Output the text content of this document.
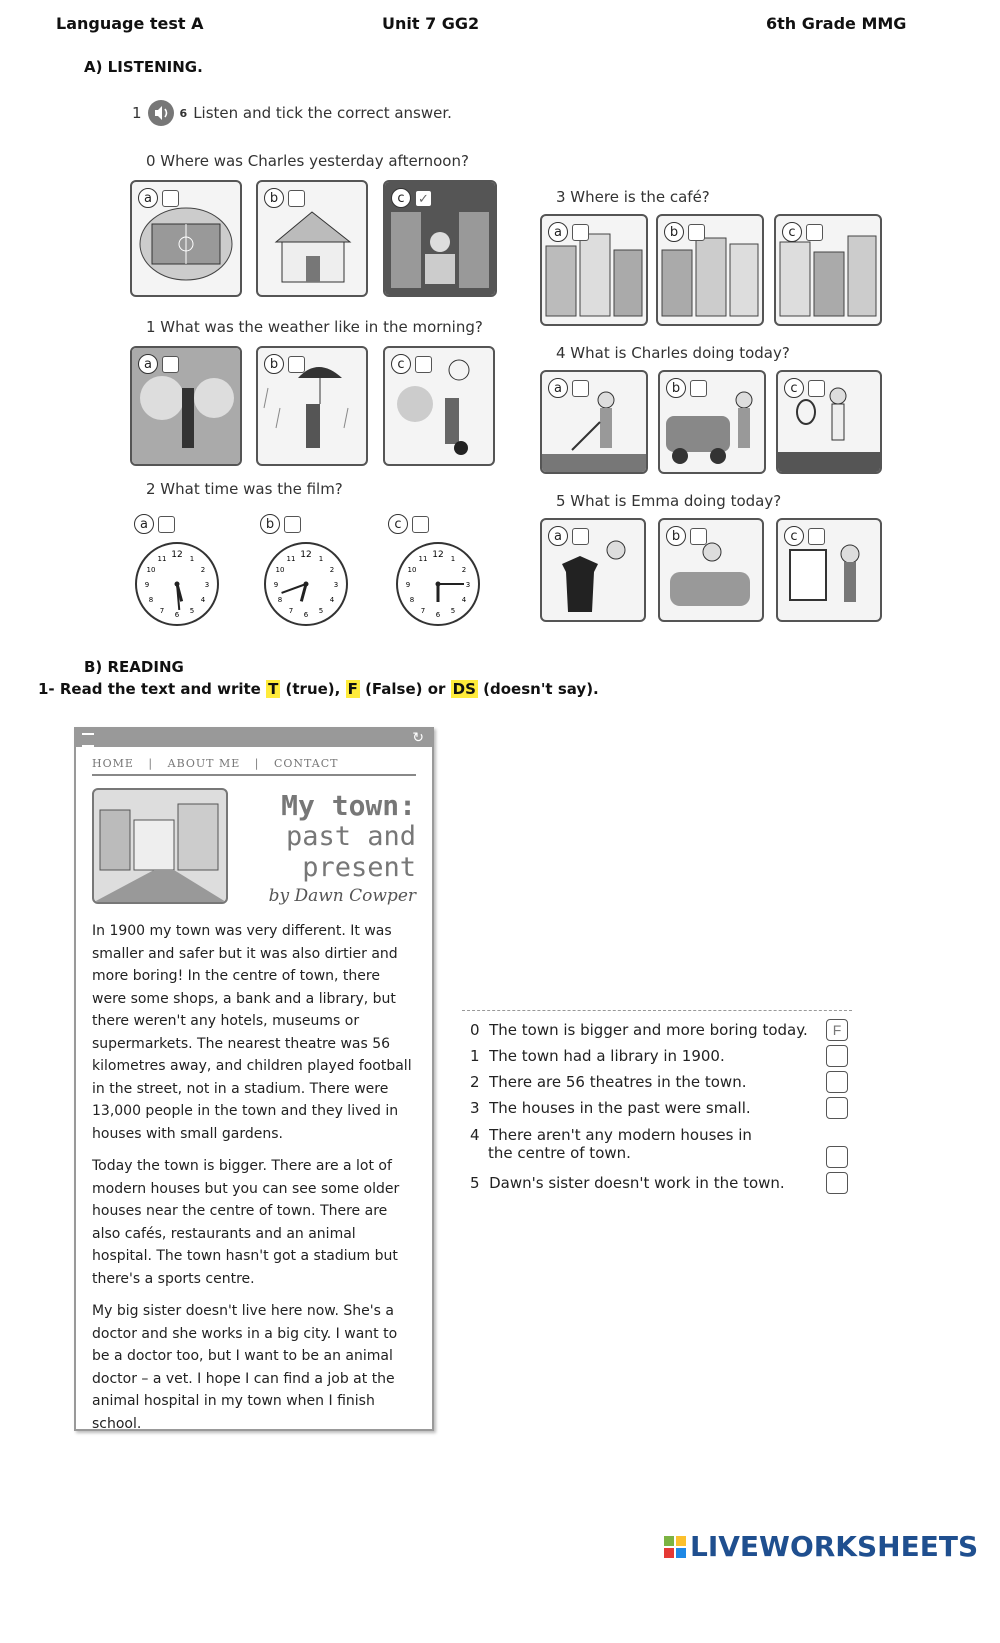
Language test A	Unit 7 GG2	6th Grade MMG
A) LISTENING.
1	6 Listen and tick the correct answer.
0 Where was Charles yesterday afternoon?
a	b	c	✓
1 What was the weather like in the morning?
a	b	c
2 What time was the film?
a
12 1
2
3
4
5
6
7
8
9
10
11
b
12 1
2
3
4
5
6
7
8
9
10
11
c
12 1
2
3
4
5
6
7
8
9
10
11
3 Where is the café?
a	b	c
4 What is Charles doing today?
a	b	c
5 What is Emma doing today?
a	b	c
B) READING
1- Read the text and write T (true), F (False) or DS (doesn't say).
↻
HOME | ABOUT ME | CONTACT
My town:
past and
present
by Dawn Cowper

In 1900 my town was very different. It was smaller and safer but it was also dirtier and more boring! In the centre of town, there were some shops, a bank and a library, but there weren't any hotels, museums or supermarkets. The nearest theatre was 56 kilometres away, and children played football in the street, not in a stadium. There were 13,000 people in the town and they lived in houses with small gardens.

Today the town is bigger. There are a lot of modern houses but you can see some older houses near the centre of town. There are also cafés, restaurants and an animal hospital. The town hasn't got a stadium but there's a sports centre.

My big sister doesn't live here now. She's a doctor and she works in a big city. I want to be a doctor too, but I want to be an animal doctor – a vet. I hope I can find a job at the animal hospital in my town when I finish school.

0 The town is bigger and more boring today.	F
1 The town had a library in 1900.
2 There are 56 theatres in the town.
3 The houses in the past were small.
4 There aren't any modern houses in
the centre of town.
5 Dawn's sister doesn't work in the town.
LIVEWORKSHEETS
